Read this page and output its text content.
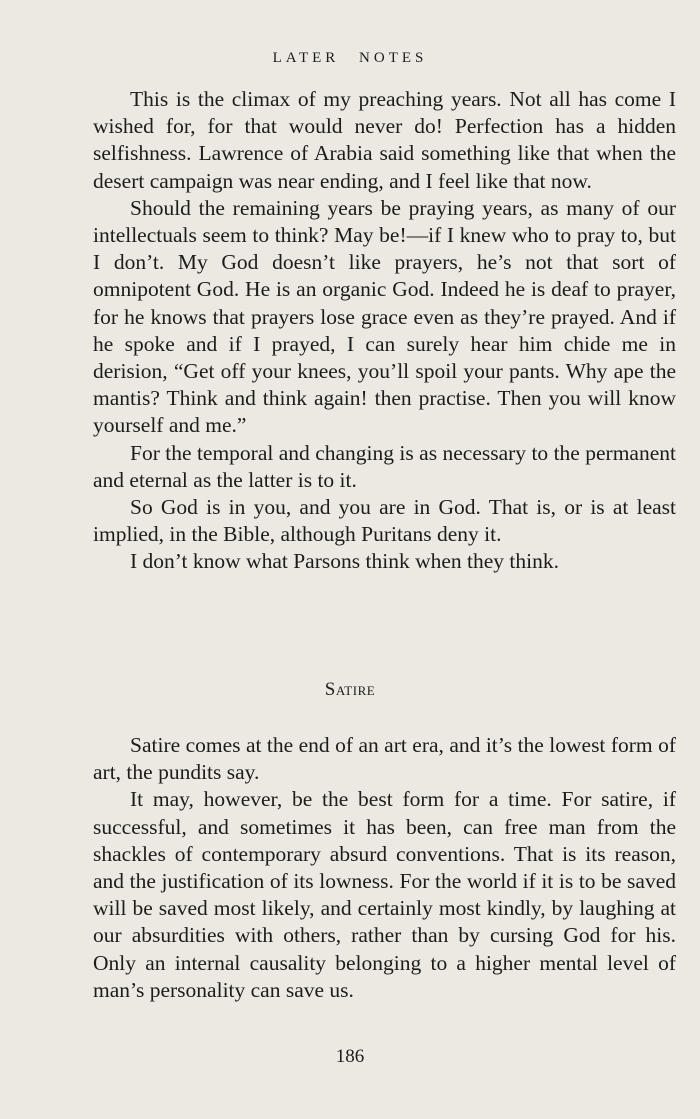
LATER NOTES

This is the climax of my preaching years. Not all has come I wished for, for that would never do! Perfection has a hidden selfishness. Lawrence of Arabia said something like that when the desert campaign was near ending, and I feel like that now.

Should the remaining years be praying years, as many of our intellectuals seem to think? May be!—if I knew who to pray to, but I don’t. My God doesn’t like prayers, he’s not that sort of omnipotent God. He is an organic God. Indeed he is deaf to prayer, for he knows that prayers lose grace even as they’re prayed. And if he spoke and if I prayed, I can surely hear him chide me in derision, “Get off your knees, you’ll spoil your pants. Why ape the mantis? Think and think again! then practise. Then you will know yourself and me.”

For the temporal and changing is as necessary to the permanent and eternal as the latter is to it.

So God is in you, and you are in God. That is, or is at least implied, in the Bible, although Puritans deny it.

I don’t know what Parsons think when they think.

Satire

Satire comes at the end of an art era, and it’s the lowest form of art, the pundits say.

It may, however, be the best form for a time. For satire, if successful, and sometimes it has been, can free man from the shackles of contemporary absurd conventions. That is its reason, and the justification of its lowness. For the world if it is to be saved will be saved most likely, and certainly most kindly, by laughing at our absurdities with others, rather than by cursing God for his. Only an internal causality belonging to a higher mental level of man’s personality can save us.

186
